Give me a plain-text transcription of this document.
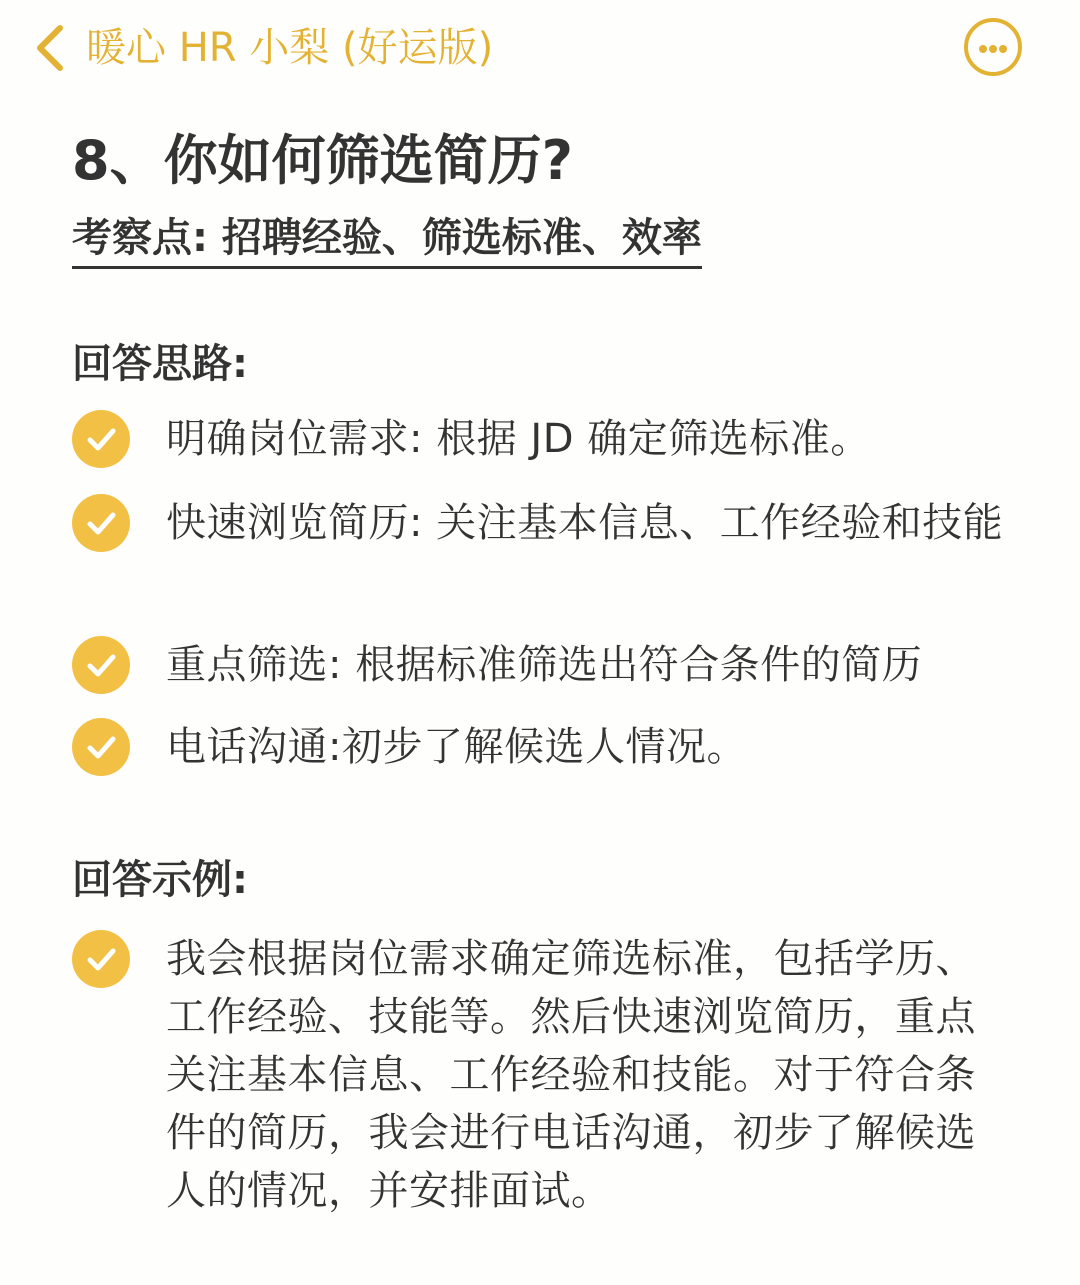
暖心 HR 小梨 (好运版)
8、你如何筛选简历?
考察点: 招聘经验、筛选标准、效率
回答思路:
明确岗位需求: 根据 JD 确定筛选标准。
快速浏览简历: 关注基本信息、工作经验和技能
重点筛选: 根据标准筛选出符合条件的简历
电话沟通:初步了解候选人情况。
回答示例:
我会根据岗位需求确定筛选标准，包括学历、工作经验、技能等。然后快速浏览简历，重点关注基本信息、工作经验和技能。对于符合条件的简历，我会进行电话沟通，初步了解候选人的情况，并安排面试。
